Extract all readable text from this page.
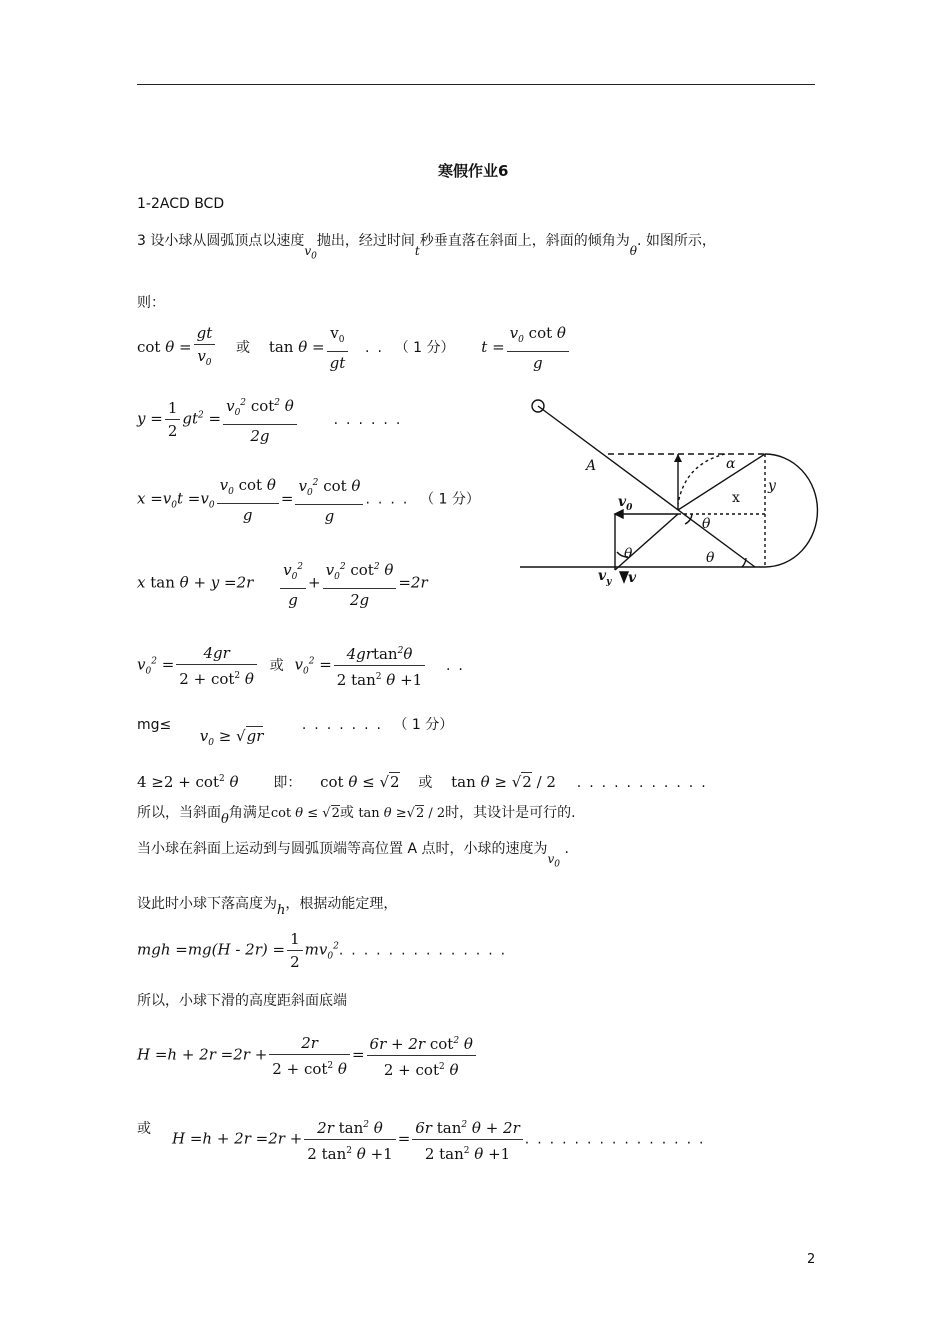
寒假作业6
1-2ACD BCD
3 设小球从圆弧顶点以速度$v_0$抛出，经过时间t秒垂直落在斜面上，斜面的倾角为θ. 如图所示，
则：
$\cot \theta = \frac{gt}{v_0}$ 或 $\tan \theta = \frac{v_0}{gt}$ .. （ 1 分） $t = \frac{v_0 \cot \theta}{g}$
$y = \frac{1}{2} gt^2 = \frac{v_0^2 \cot^2 \theta}{2g}$	......
$x =v_0t =v_0 \frac{v_0 \cot \theta}{g} = \frac{v_0^2 \cot \theta}{g}$ .... （ 1 分）
x $\tan \theta + y =2r \frac{v_0^2}{g} + \frac{v_0^2 \cot^2 \theta}{2g} =2r$
$v_0^2 = \frac{4gr}{2 + \cot^2 \theta}$ 或 $v_0^2 = \frac{4grtan^2\theta}{2 \tan^2 \theta +1}$ ..
$mg\le v_0 \ge √gr$ ....... （ 1 分）
$4 \ge 2 + \cot^2 \theta$ 即： cot θ ≤ √2 或 tan θ ≥ √2 / 2 ...........
所以，当斜面θ角满足cot θ ≤ √2或 tan θ ≥√2 / 2时，其设计是可行的.
当小球在斜面上运动到与圆弧顶端等高位置 A 点时，小球的速度为$v_0$ .
设此时小球下落高度为h，根据动能定理，
mgh $=mg(H - 2r) = \frac{1}{2} mv_0^2$..............
所以，小球下滑的高度距斜面底端
$H =h + 2r =2r + \frac{2r}{2 + \cot^2 \theta} = \frac{6r + 2r \cot^2 \theta}{2 + \cot^2 \theta}$
或
$H =h + 2r =2r + \frac{2r \tan^2 \theta}{2 \tan^2 \theta +1} = \frac{6r \tan^2 \theta + 2r}{2 \tan^2 \theta +1}$ ...............
A
$v_0$
α
x
y
θ
θ	θ
$v_y$ v
2
